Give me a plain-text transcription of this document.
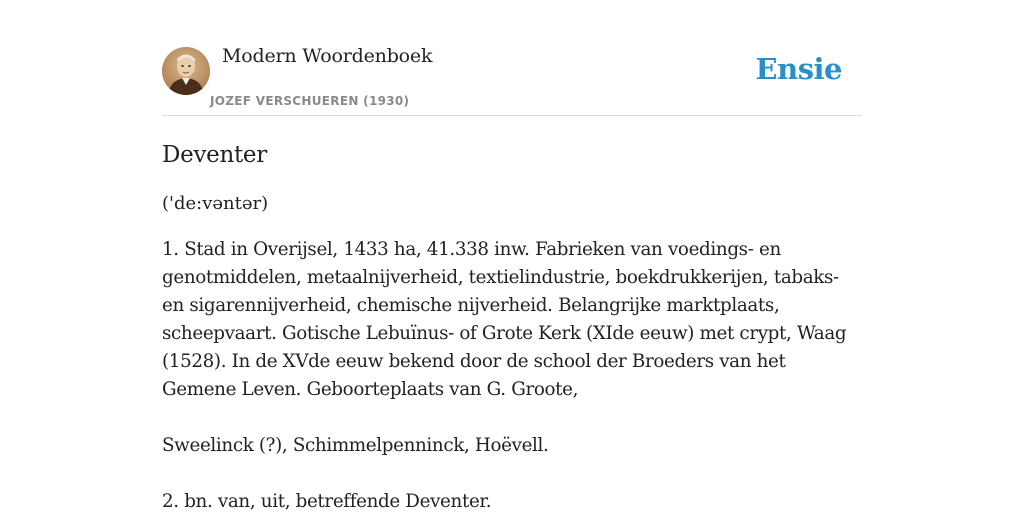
Modern Woordenboek
JOZEF VERSCHUEREN (1930)
Ensie
Deventer

('de:vəntər)

1. Stad in Overijsel, 1433 ha, 41.338 inw. Fabrieken van voedings- en genotmiddelen, metaalnijverheid, textielindustrie, boekdrukkerijen, tabaks- en sigarennijverheid, chemische nijverheid. Belangrijke marktplaats, scheepvaart. Gotische Lebuïnus- of Grote Kerk (XIde eeuw) met crypt, Waag (1528). In de XVde eeuw bekend door de school der Broeders van het Gemene Leven. Geboorteplaats van G. Groote,

Sweelinck (?), Schimmelpenninck, Hoëvell.

2. bn. van, uit, betreffende Deventer.
